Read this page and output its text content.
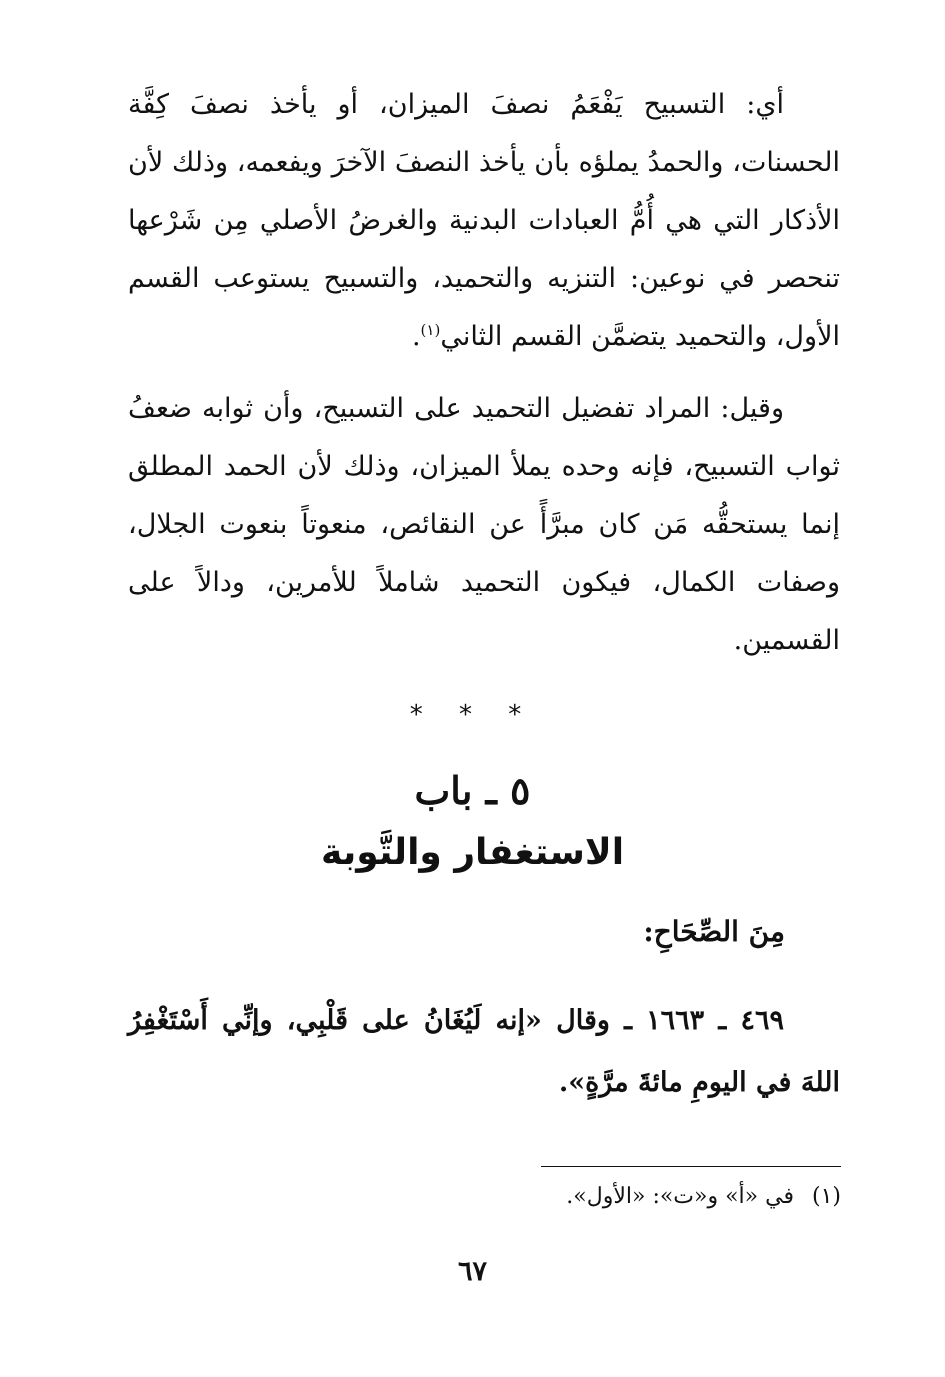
أي: التسبيح يَفْعَمُ نصفَ الميزان، أو يأخذ نصفَ كِفَّة الحسنات، والحمدُ يملؤه بأن يأخذ النصفَ الآخرَ ويفعمه، وذلك لأن الأذكار التي هي أُمُّ العبادات البدنية والغرضُ الأصلي مِن شَرْعها تنحصر في نوعين: التنزيه والتحميد، والتسبيح يستوعب القسم الأول، والتحميد يتضمَّن القسم الثاني$^{(١)}$.

وقيل: المراد تفضيل التحميد على التسبيح، وأن ثوابه ضعفُ ثواب التسبيح، فإنه وحده يملأ الميزان، وذلك لأن الحمد المطلق إنما يستحقُّه مَن كان مبرَّأً عن النقائص، منعوتاً بنعوت الجلال، وصفات الكمال، فيكون التحميد شاملاً للأمرين، ودالاً على القسمين.

* * *
٥ ـ باب
الاستغفار والتَّوبة
مِنَ الصِّحَاحِ:

٤٦٩ ـ ١٦٦٣ ـ وقال «إنه لَيُغَانُ على قَلْبِي، وإنِّي أَسْتَغْفِرُ اللهَ في اليومِ مائةَ مرَّةٍ».

(١)في «أ» و«ت»: «الأول».
٦٧
